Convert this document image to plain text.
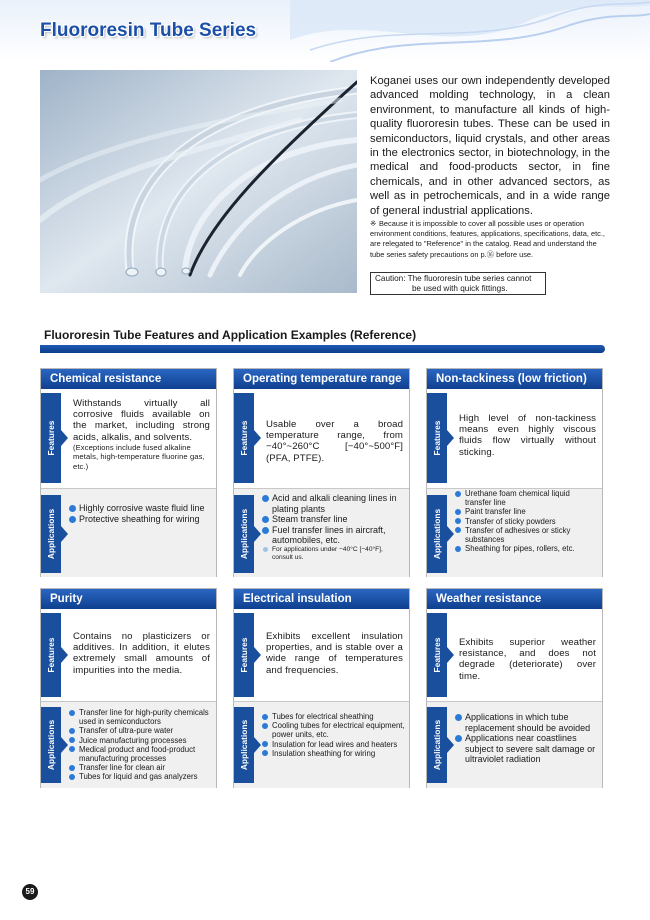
Fluororesin Tube Series

Koganei uses our own independently developed advanced molding technology, in a clean environment, to manufacture all kinds of high-quality fluororesin tubes. These can be used in semiconductors, liquid crystals, and other areas in the electronics sector, in biotechnology, in the medical and food-products sector, in fine chemicals, and in other advanced sectors, as well as in petrochemicals, and in a wide range of general industrial applications.

※ Because it is impossible to cover all possible uses or operation environment conditions, features, applications, specifications, data, etc., are relegated to "Reference" in the catalog. Read and understand the tube series safety precautions on p.⑯ before use.

Caution: The fluororesin tube series cannot
be used with quick fittings.
Fluororesin Tube Features and Application Examples (Reference)
Chemical resistance
Features
Withstands virtually all corrosive fluids available on the market, including strong acids, alkalis, and solvents.
(Exceptions include fused alkaline metals, high-temperature fluorine gas, etc.)
Applications
Highly corrosive waste fluid line
Protective sheathing for wiring
Operating temperature range
Features Usable over a broad temperature range, from −40°~260°C [−40°~500°F] (PFA, PTFE).
Applications
Acid and alkali cleaning lines in plating plants
Steam transfer line
Fuel transfer lines in aircraft, automobiles, etc.
For applications under −40°C [−40°F], consult us.
Non-tackiness (low friction)
Features
High level of non-tackiness means even highly viscous fluids flow virtually without sticking.
Applications
Urethane foam chemical liquid transfer line
Paint transfer line
Transfer of sticky powders
Transfer of adhesives or sticky substances
Sheathing for pipes, rollers, etc.
Purity
Features
Contains no plasticizers or additives. In addition, it elutes extremely small amounts of impurities into the media.
Applications
Transfer line for high-purity chemicals used in semiconductors
Transfer of ultra-pure water
Juice manufacturing processes
Medical product and food-product manufacturing processes
Transfer line for clean air
Tubes for liquid and gas analyzers
Electrical insulation
Features
Exhibits excellent insulation properties, and is stable over a wide range of temperatures and frequencies.
Applications
Tubes for electrical sheathing
Cooling tubes for electrical equipment, power units, etc.
Insulation for lead wires and heaters
Insulation sheathing for wiring
Weather resistance
Features Exhibits superior weather resistance, and does not degrade (deteriorate) over time.
Applications
Applications in which tube replacement should be avoided
Applications near coastlines subject to severe salt damage or ultraviolet radiation
59
